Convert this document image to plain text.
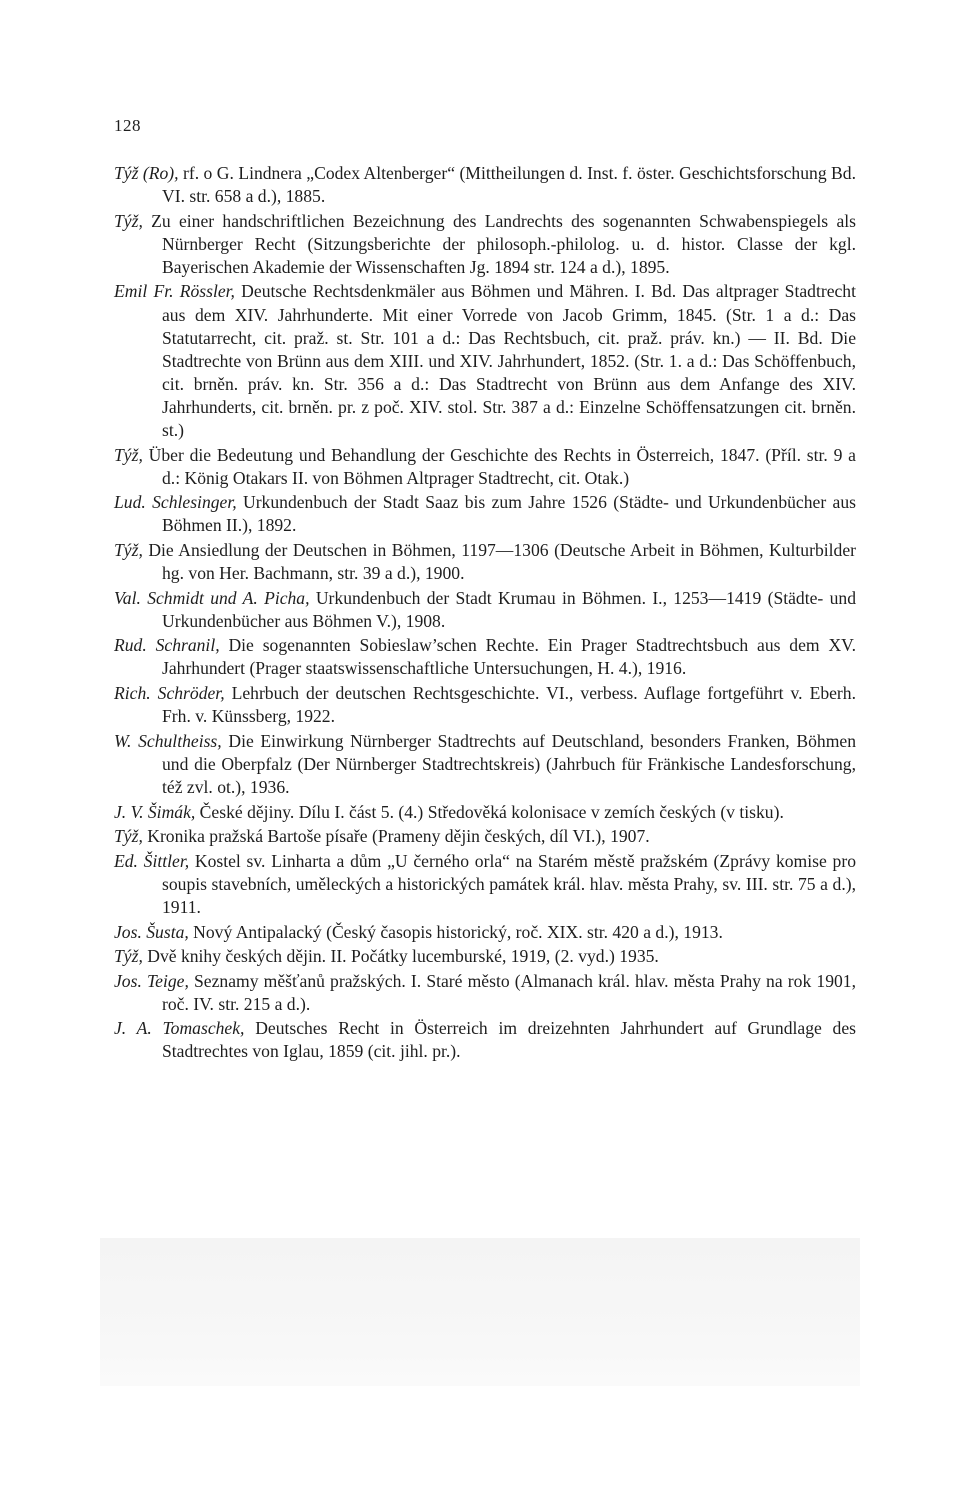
128

Týž (Ro), rf. o G. Lindnera „Codex Altenberger“ (Mittheilungen d. Inst. f. öster. Geschichtsforschung Bd. VI. str. 658 a d.), 1885.

Týž, Zu einer handschriftlichen Bezeichnung des Landrechts des sogenannten Schwabenspiegels als Nürnberger Recht (Sitzungsberichte der philosoph.-philolog. u. d. histor. Classe der kgl. Bayerischen Akademie der Wissenschaften Jg. 1894 str. 124 a d.), 1895.

Emil Fr. Rössler, Deutsche Rechtsdenkmäler aus Böhmen und Mähren. I. Bd. Das altprager Stadtrecht aus dem XIV. Jahrhunderte. Mit einer Vorrede von Jacob Grimm, 1845. (Str. 1 a d.: Das Statutarrecht, cit. praž. st. Str. 101 a d.: Das Rechtsbuch, cit. praž. práv. kn.) — II. Bd. Die Stadtrechte von Brünn aus dem XIII. und XIV. Jahrhundert, 1852. (Str. 1. a d.: Das Schöffenbuch, cit. brněn. práv. kn. Str. 356 a d.: Das Stadtrecht von Brünn aus dem Anfange des XIV. Jahrhunderts, cit. brněn. pr. z poč. XIV. stol. Str. 387 a d.: Einzelne Schöffensatzungen cit. brněn. st.)

Týž, Über die Bedeutung und Behandlung der Geschichte des Rechts in Österreich, 1847. (Příl. str. 9 a d.: König Otakars II. von Böhmen Altprager Stadtrecht, cit. Otak.)

Lud. Schlesinger, Urkundenbuch der Stadt Saaz bis zum Jahre 1526 (Städte- und Urkundenbücher aus Böhmen II.), 1892.

Týž, Die Ansiedlung der Deutschen in Böhmen, 1197—1306 (Deutsche Arbeit in Böhmen, Kulturbilder hg. von Her. Bachmann, str. 39 a d.), 1900.

Val. Schmidt und A. Picha, Urkundenbuch der Stadt Krumau in Böhmen. I., 1253—1419 (Städte- und Urkundenbücher aus Böhmen V.), 1908.

Rud. Schranil, Die sogenannten Sobieslaw’schen Rechte. Ein Prager Stadtrechtsbuch aus dem XV. Jahrhundert (Prager staatswissenschaftliche Untersuchungen, H. 4.), 1916.

Rich. Schröder, Lehrbuch der deutschen Rechtsgeschichte. VI., verbess. Auflage fortgeführt v. Eberh. Frh. v. Künssberg, 1922.

W. Schultheiss, Die Einwirkung Nürnberger Stadtrechts auf Deutschland, besonders Franken, Böhmen und die Oberpfalz (Der Nürnberger Stadtrechtskreis) (Jahrbuch für Fränkische Landesforschung, též zvl. ot.), 1936.

J. V. Šimák, České dějiny. Dílu I. část 5. (4.) Středověká kolonisace v zemích českých (v tisku).

Týž, Kronika pražská Bartoše písaře (Prameny dějin českých, díl VI.), 1907.

Ed. Šittler, Kostel sv. Linharta a dům „U černého orla“ na Starém městě pražském (Zprávy komise pro soupis stavebních, uměleckých a historických památek král. hlav. města Prahy, sv. III. str. 75 a d.), 1911.

Jos. Šusta, Nový Antipalacký (Český časopis historický, roč. XIX. str. 420 a d.), 1913.

Týž, Dvě knihy českých dějin. II. Počátky lucemburské, 1919, (2. vyd.) 1935.

Jos. Teige, Seznamy měšťanů pražských. I. Staré město (Almanach král. hlav. města Prahy na rok 1901, roč. IV. str. 215 a d.).

J. A. Tomaschek, Deutsches Recht in Österreich im dreizehnten Jahrhundert auf Grundlage des Stadtrechtes von Iglau, 1859 (cit. jihl. pr.).
